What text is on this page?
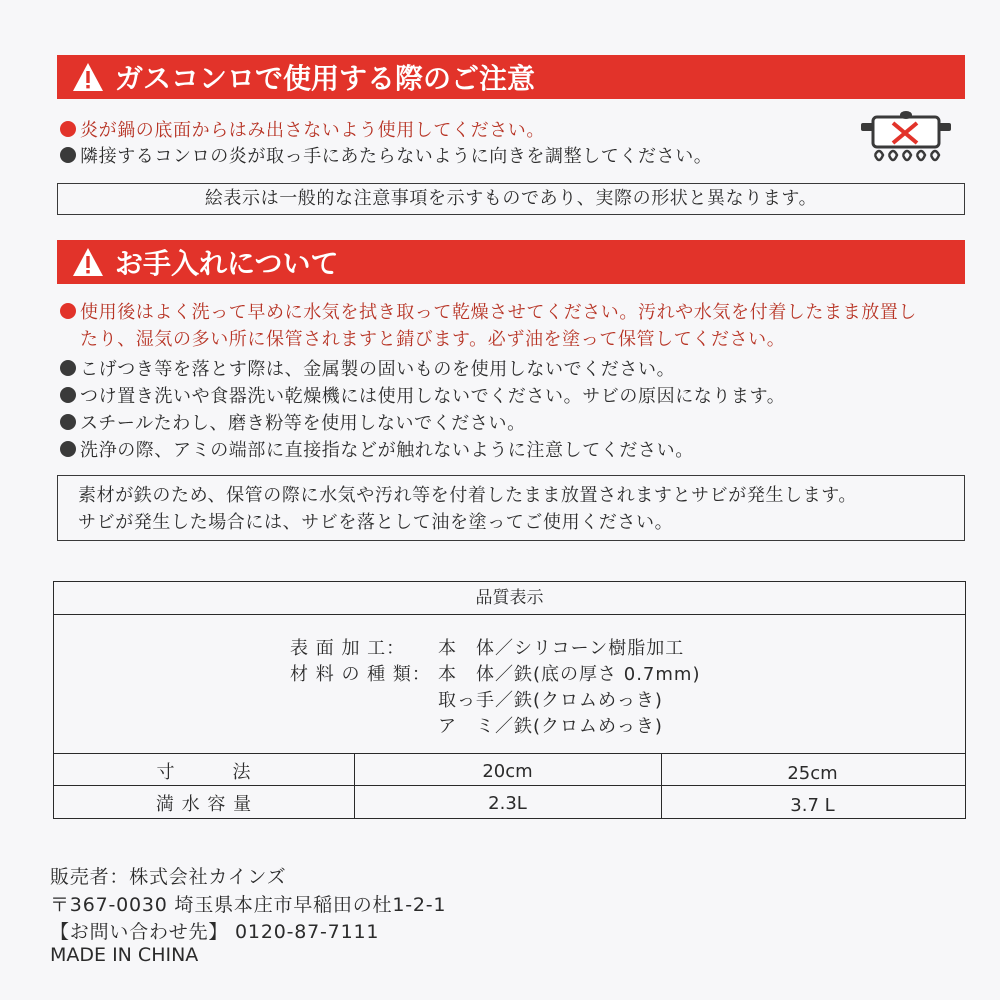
ガスコンロで使用する際のご注意
炎が鍋の底面からはみ出さないよう使用してください。
隣接するコンロの炎が取っ手にあたらないように向きを調整してください。
絵表示は一般的な注意事項を示すものであり、実際の形状と異なります。
お手入れについて
使用後はよく洗って早めに水気を拭き取って乾燥させてください。汚れや水気を付着したまま放置し
たり、湿気の多い所に保管されますと錆びます。必ず油を塗って保管してください。
こげつき等を落とす際は、金属製の固いものを使用しないでください。
つけ置き洗いや食器洗い乾燥機には使用しないでください。サビの原因になります。
スチールたわし、磨き粉等を使用しないでください。
洗浄の際、アミの端部に直接指などが触れないように注意してください。
素材が鉄のため、保管の際に水気や汚れ等を付着したまま放置されますとサビが発生します。
サビが発生した場合には、サビを落として油を塗ってご使用ください。
品質表示
表 面 加 工： 本　体／シリコーン樹脂加工
材 料 の 種 類： 本　体／鉄(底の厚さ 0.7mm)
取っ手／鉄(クロムめっき)
ア　ミ／鉄(クロムめっき)
寸　　　法	20cm	25cm
満 水 容 量	2.3L	3.7 L
販売者：株式会社カインズ
〒367-0030 埼玉県本庄市早稲田の杜1-2-1
【お問い合わせ先】 0120-87-7111
MADE IN CHINA
